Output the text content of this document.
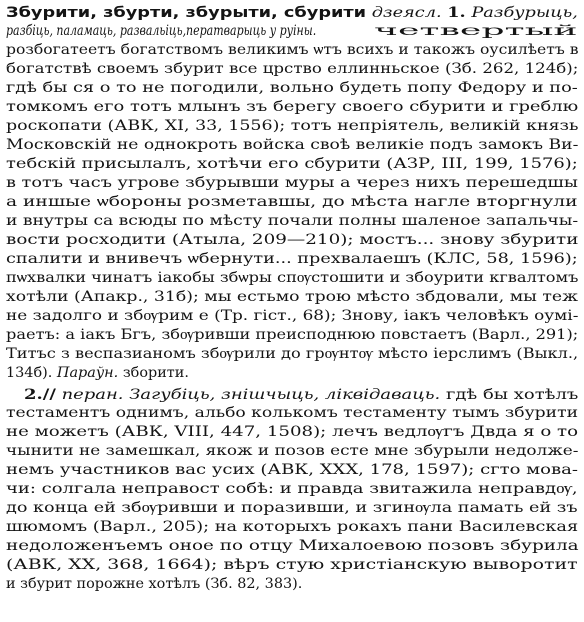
Збурити, збурти, збурыти, сбурити дзеясл. 1. Разбурыць,
разбіць, паламаць, развальіць,ператварыць у руіны.	четвертый
розбогатеетъ богатствомъ великимъ ѡтъ всихъ и такожъ оусилѣетъ в
богатствѣ своемъ збурит все црство еллинньское (Зб. 262, 124б);
гдѣ бы ся о то не погодили, вольно будеть попу Федору и по-
томкомъ его тотъ млынъ зъ берегу своего сбурити и греблю
роскопати (АВК, XI, 33, 1556); тотъ непріятель, великій князь
Московскій не однокроть войска своѣ великіе подъ замокъ Ви-
тебскій присылалъ, хотѣчи его сбурити (АЗР, III, 199, 1576);
в тотъ часъ угрове збурывши муры а через нихъ перешедшы
а иншые ѡбороны розметавшы, до мѣста нагле вторгнули
и внутры са всюды по мѣсту почали полны шаленое запальчы-
вости росходити (Атыла, 209—210); мостъ... знову збурити
спалити и внивечъ ѡбернути... прехвалаешъ (КЛС, 58, 1596);
пѡхвалки чинатъ iакобы збѡры спѹстошити и збоурити кгвалтомъ
хотѣли (Апакр., 31б); мы естьмо трою мѣсто збдовали, мы теж
не задолго и збѹрим е (Тр. гіст., 68); Знову, iакъ человѣкъ оумі-
раетъ: а iакъ Бгъ, збѹривши преисподнюю повстаетъ (Варл., 291);
Титъс з веспазианомъ збѹрили до грѹнтѹ мѣсто iерслимъ (Выкл.,
134б). Параўн. зборити.
2.// перан. Загубіць, знішчыць, ліквідаваць. гдѣ бы хотѣлъ
тестаментъ однимъ, альбо колькомъ тестаменту тымъ збурити
не можетъ (АВК, VIII, 447, 1508); лечъ ведлѹгъ Двда я о то
чынити не замешкал, якож и позов есте мне збурыли недолже-
немъ участников вас усих (АВК, XXX, 178, 1597); сгто мова-
чи: солгала неправост собѣ: и правда звитажила неправдѹ,
до конца ей збѹривши и поразивши, и згинѹла памать ей зъ
шюмомъ (Варл., 205); на которыхъ рокахъ пани Василевская
недоложенъемъ оное по отцу Михалоевою позовъ збурила
(АВК, XX, 368, 1664); вѣръ стую христiанскую выворотит
и збурит порожне хотѣлъ (Зб. 82, 383).
